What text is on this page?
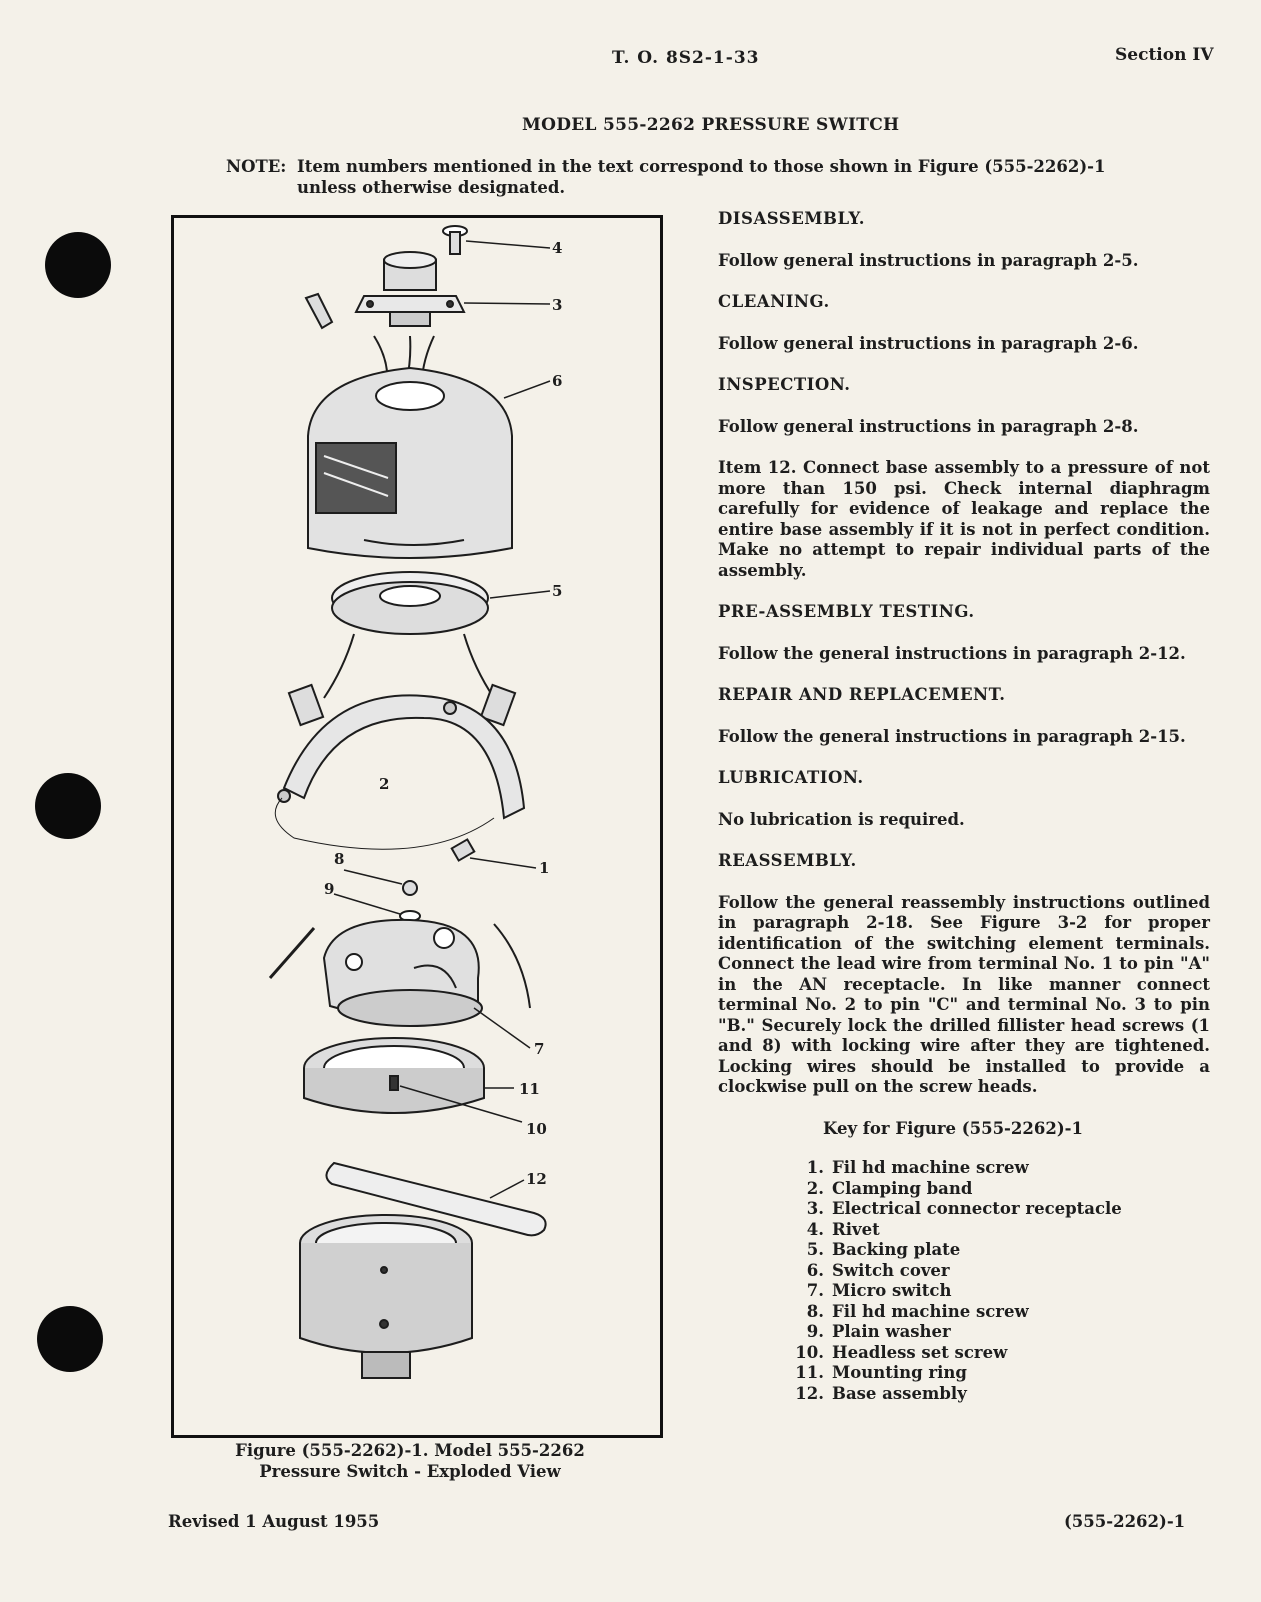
T. O. 8S2-1-33	Section IV
MODEL 555-2262 PRESSURE SWITCH
NOTE: Item numbers mentioned in the text correspond to those shown in Figure (555-2262)-1 unless otherwise designated.
4
3
6
5
1
8
9
7
11
10
12
Figure (555-2262)-1. Model 555-2262
Pressure Switch - Exploded View

DISASSEMBLY.

Follow general instructions in paragraph 2-5.

CLEANING.

Follow general instructions in paragraph 2-6.

INSPECTION.

Follow general instructions in paragraph 2-8.

Item 12. Connect base assembly to a pressure of not more than 150 psi. Check internal diaphragm carefully for evidence of leakage and replace the entire base assembly if it is not in perfect condition. Make no attempt to repair individual parts of the assembly.

PRE-ASSEMBLY TESTING.

Follow the general instructions in paragraph 2-12.

REPAIR AND REPLACEMENT.

Follow the general instructions in paragraph 2-15.

LUBRICATION.

No lubrication is required.

REASSEMBLY.

Follow the general reassembly instructions outlined in paragraph 2-18. See Figure 3-2 for proper identification of the switching element terminals. Connect the lead wire from terminal No. 1 to pin "A" in the AN receptacle. In like manner connect terminal No. 2 to pin "C" and terminal No. 3 to pin "B." Securely lock the drilled fillister head screws (1 and 8) with locking wire after they are tightened. Locking wires should be installed to provide a clockwise pull on the screw heads.

Key for Figure (555-2262)-1
1. Fil hd machine screw
2. Clamping band
3. Electrical connector receptacle
4. Rivet
5. Backing plate
6. Switch cover
7. Micro switch
8. Fil hd machine screw
9. Plain washer
10. Headless set screw
11. Mounting ring
12. Base assembly
Revised 1 August 1955	(555-2262)-1
2
